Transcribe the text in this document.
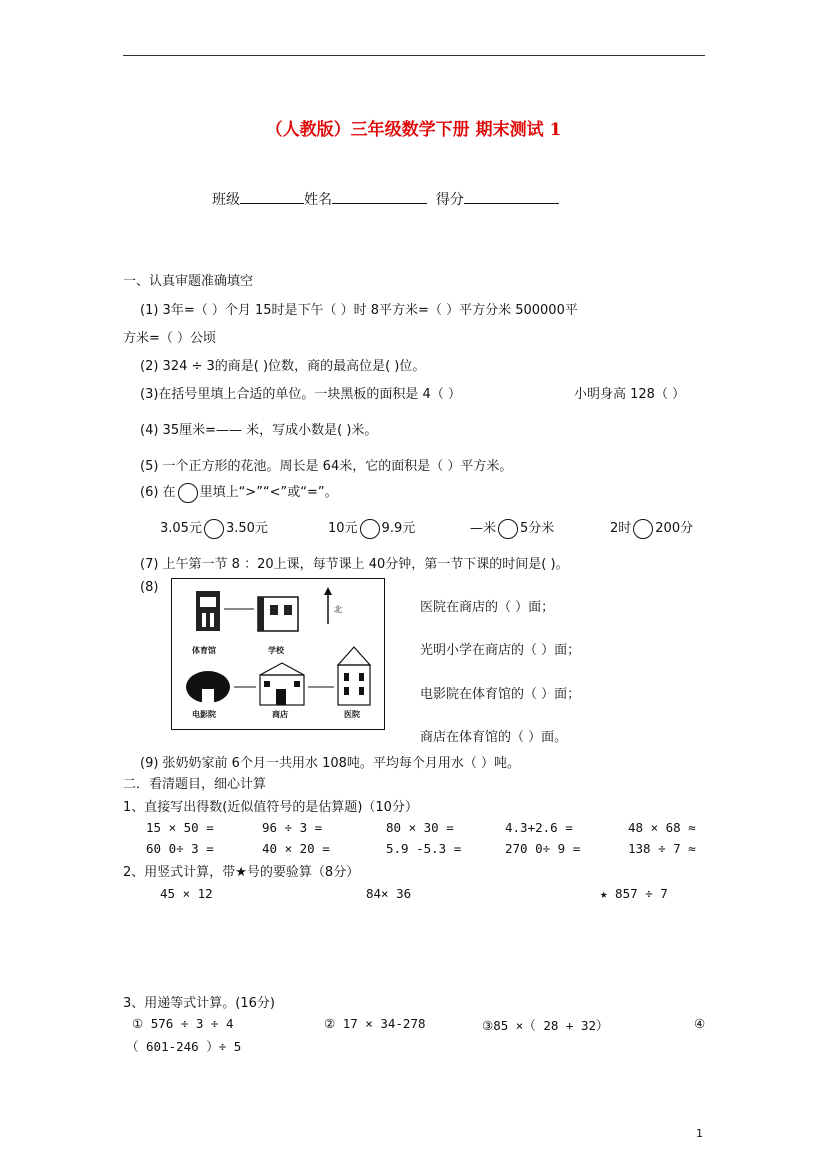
（人教版）三年级数学下册 期末测试 1
班级	姓名	得分
一、认真审题准确填空
(1) 3年=（ ）个月 15时是下午（ ）时 8平方米=（ ）平方分米 500000平
方米=（ ）公顷
(2) 324 ÷ 3的商是( )位数，商的最高位是( )位。
(3)在括号里填上合适的单位。一块黑板的面积是 4（ ）	小明身高 128（ ）
(4) 35厘米=—— 米，写成小数是( )米。
(5) 一个正方形的花池。周长是 64米，它的面积是（ ）平方米。
(6) 在 里填上“>”“<”或“=”。
3.05元 3.50元	10元 9.9元	—米 5分米	2时 200分
(7) 上午第一节 8 ：20上课，每节课上 40分钟，第一节下课的时间是( )。
(8)
北
体育馆	学校
电影院	商店	医院
医院在商店的（ ）面；
光明小学在商店的（ ）面；
电影院在体育馆的（ ）面；
商店在体育馆的（ ）面。
(9) 张奶奶家前 6个月一共用水 108吨。平均每个月用水（ ）吨。
二．看清题目，细心计算
1、直接写出得数(近似值符号的是估算题)（10分）
15 × 50 =	96 ÷ 3 =	80 × 30 =	4.3+2.6 =	48 × 68 ≈
60 0÷ 3 =	40 × 20 =	5.9 -5.3 =	270 0÷ 9 =	138 ÷ 7 ≈
2、用竖式计算，带★号的要验算（8分）
45 × 12	84× 36	★ 857 ÷ 7
3、用递等式计算。(16分)
① 576 ÷ 3 ÷ 4	② 17 × 34-278	③85 ×（ 28 + 32）	④
（ 601-246 ）÷ 5
1
